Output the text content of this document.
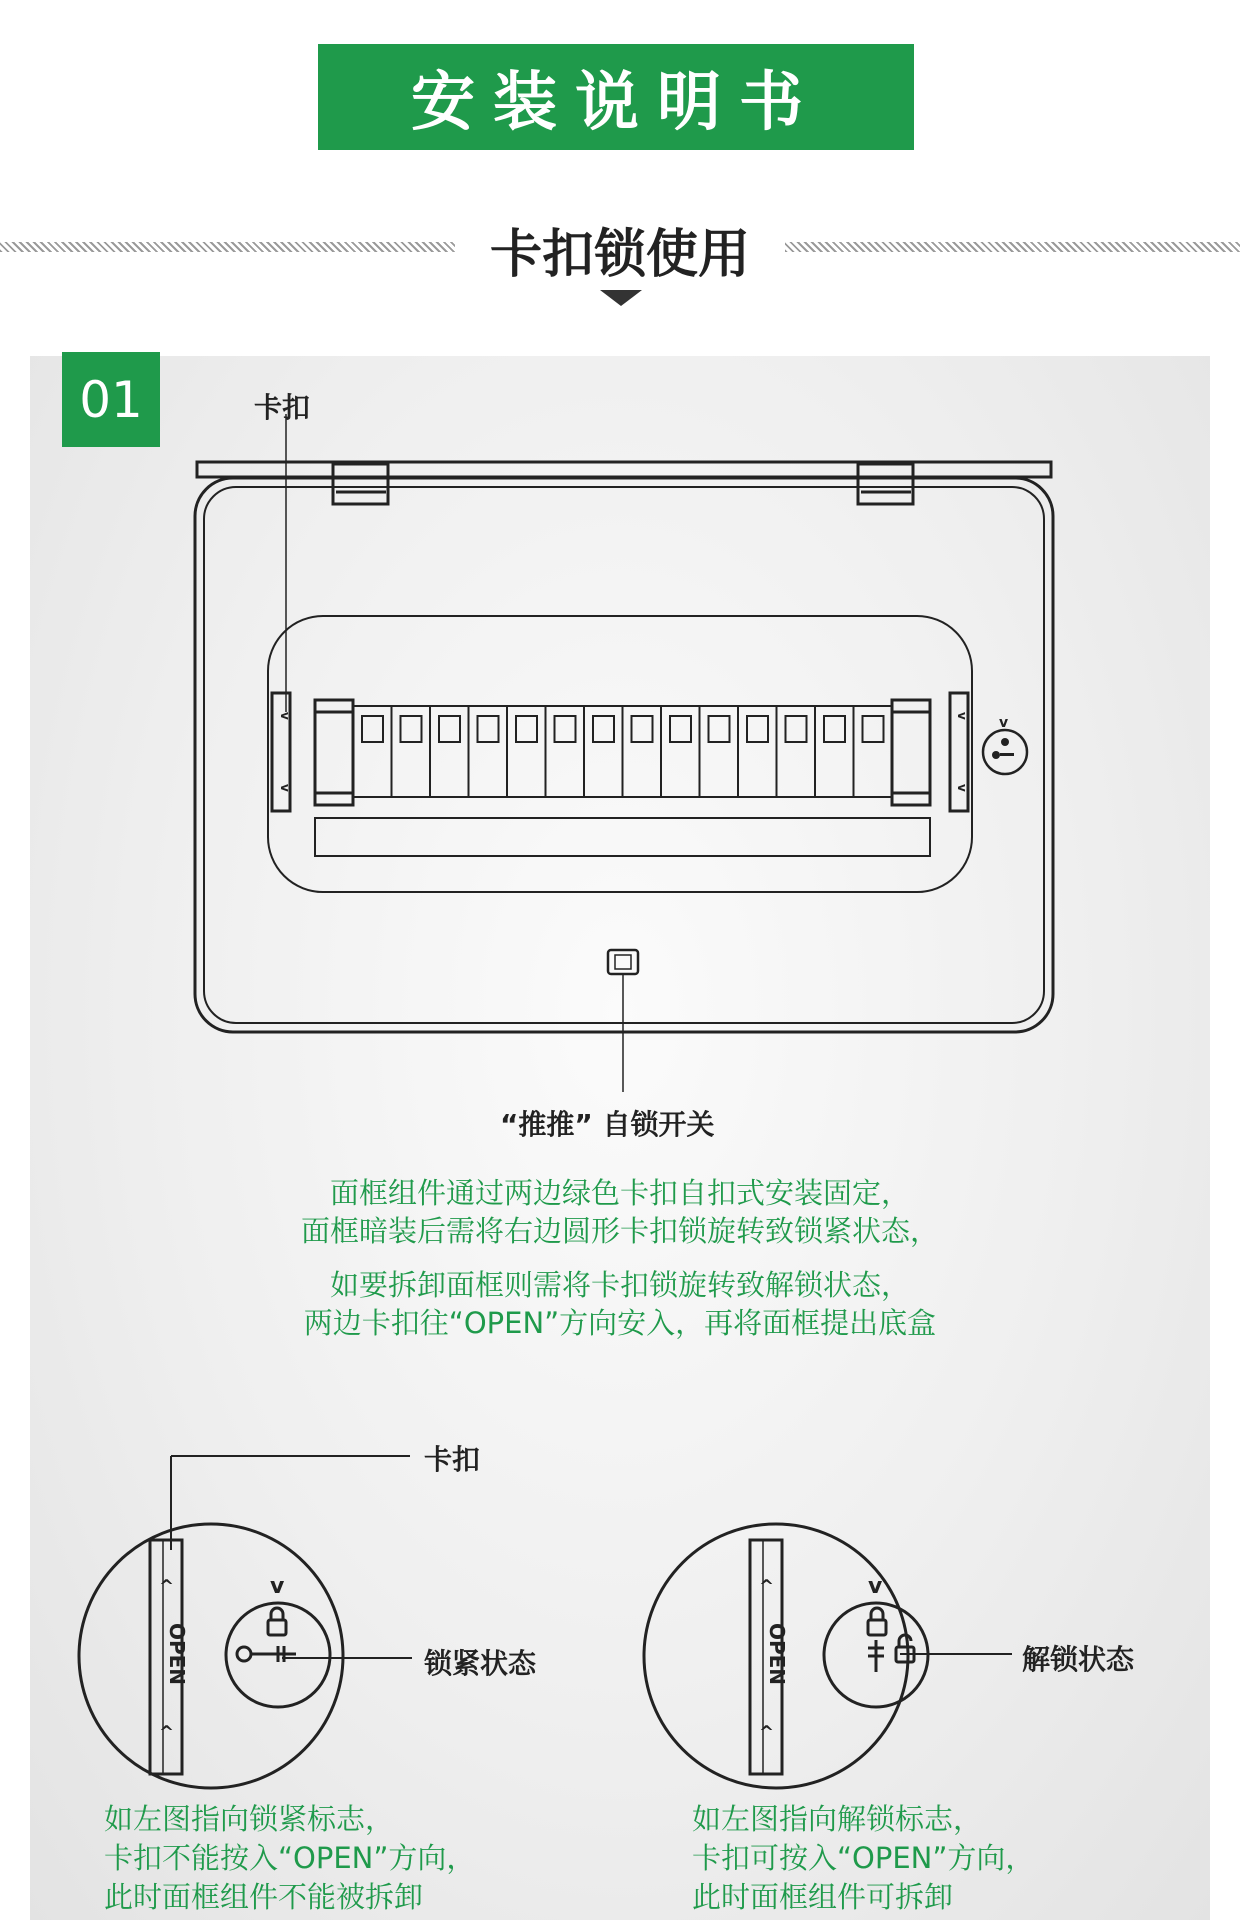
安装说明书
卡扣锁使用
01
v
v
v
v
v
^
^
v	^
^
v
OPEN	OPEN
卡扣
“推推” 自锁开关
面框组件通过两边绿色卡扣自扣式安装固定，
面框暗装后需将右边圆形卡扣锁旋转致锁紧状态，
如要拆卸面框则需将卡扣锁旋转致解锁状态，
两边卡扣往“OPEN”方向安入，再将面框提出底盒
卡扣
锁紧状态	解锁状态
如左图指向锁紧标志，
卡扣不能按入“OPEN”方向，
此时面框组件不能被拆卸
如左图指向解锁标志，
卡扣可按入“OPEN”方向，
此时面框组件可拆卸
